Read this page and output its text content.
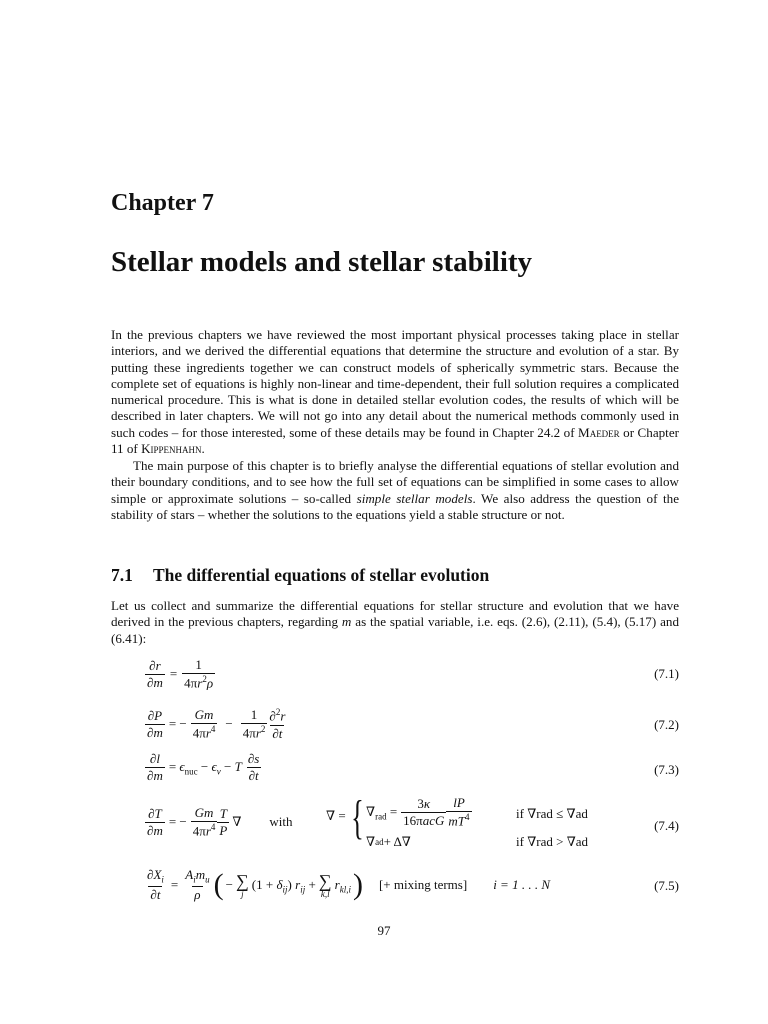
Chapter 7
Stellar models and stellar stability

In the previous chapters we have reviewed the most important physical processes taking place in stellar interiors, and we derived the differential equations that determine the structure and evolution of a star. By putting these ingredients together we can construct models of spherically symmetric stars. Because the complete set of equations is highly non-linear and time-dependent, their full solution requires a complicated numerical procedure. This is what is done in detailed stellar evolution codes, the results of which will be described in later chapters. We will not go into any detail about the numerical methods commonly used in such codes – for those interested, some of these details may be found in Chapter 24.2 of Maeder or Chapter 11 of Kippenhahn.

The main purpose of this chapter is to briefly analyse the differential equations of stellar evolution and their boundary conditions, and to see how the full set of equations can be simplified in some cases to allow simple or approximate solutions – so-called simple stellar models. We also address the question of the stability of stars – whether the solutions to the equations yield a stable structure or not.

7.1 The differential equations of stellar evolution

Let us collect and summarize the differential equations for stellar structure and evolution that we have derived in the previous chapters, regarding m as the spatial variable, i.e. eqs. (2.6), (2.11), (5.4), (5.17) and (6.41):

$\frac{\partial r}{\partial m} = \frac{1}{4\pi r^2\rho}$	(7.1)
$\frac{\partial P}{\partial m}$ = − $\frac{Gm}{4\pi r^4} - \frac{1}{4\pi r^2} \frac{\partial^2r}{\partial t}$	(7.2)
$\frac{\partial l}{\partial m} = \epsilon_{nuc} - \epsilon_\nu - T \frac{\partial s}{\partial t}$	(7.3)
$\frac{\partial T}{\partial m}$ = − $\frac{Gm}{4\pi r^4} \frac{T}{P}$ ∇ with	∇ = { $\nabla_{rad} = \frac{3\kappa}{\text{16πacG}} \frac{lP}{mT^4}$
∇ ad + Δ∇
if ∇rad ≤ ∇ad
if ∇rad > ∇ad
(7.4)
$\frac{\partial X_i}{\partial t} = \frac{A_im_u}{\rho}$ ( − ∑
j
$(1 + \delta_{ij})$ $r_{ij}$ + ∑
k,l
$r_{kl,i}$ ) [+ mixing terms] i = 1 . . . N	(7.5)
97
